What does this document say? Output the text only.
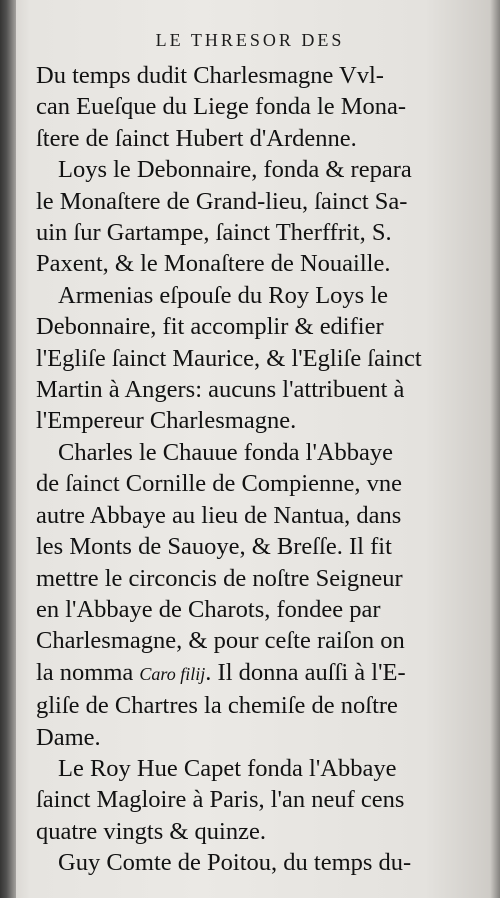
LE THRESOR DES
Du temps dudit Charlesmagne Vvl-
can Eueſque du Liege fonda le Mona-
ſtere de ſainct Hubert d'Ardenne.
Loys le Debonnaire, fonda & repara
le Monaſtere de Grand-lieu, ſainct Sa-
uin ſur Gartampe, ſainct Therffrit, S.
Paxent, & le Monaſtere de Nouaille.
Armenias eſpouſe du Roy Loys le
Debonnaire, fit accomplir & edifier
l'Egliſe ſainct Maurice, & l'Egliſe ſainct
Martin à Angers: aucuns l'attribuent à
l'Empereur Charlesmagne.
Charles le Chauue fonda l'Abbaye
de ſainct Cornille de Compienne, vne
autre Abbaye au lieu de Nantua, dans
les Monts de Sauoye, & Breſſe. Il fit
mettre le circoncis de noſtre Seigneur
en l'Abbaye de Charots, fondee par
Charlesmagne, & pour ceſte raiſon on
la nomma Caro filij. Il donna auſſi à l'E-
gliſe de Chartres la chemiſe de noſtre
Dame.
Le Roy Hue Capet fonda l'Abbaye
ſainct Magloire à Paris, l'an neuf cens
quatre vingts & quinze.
Guy Comte de Poitou, du temps du-
